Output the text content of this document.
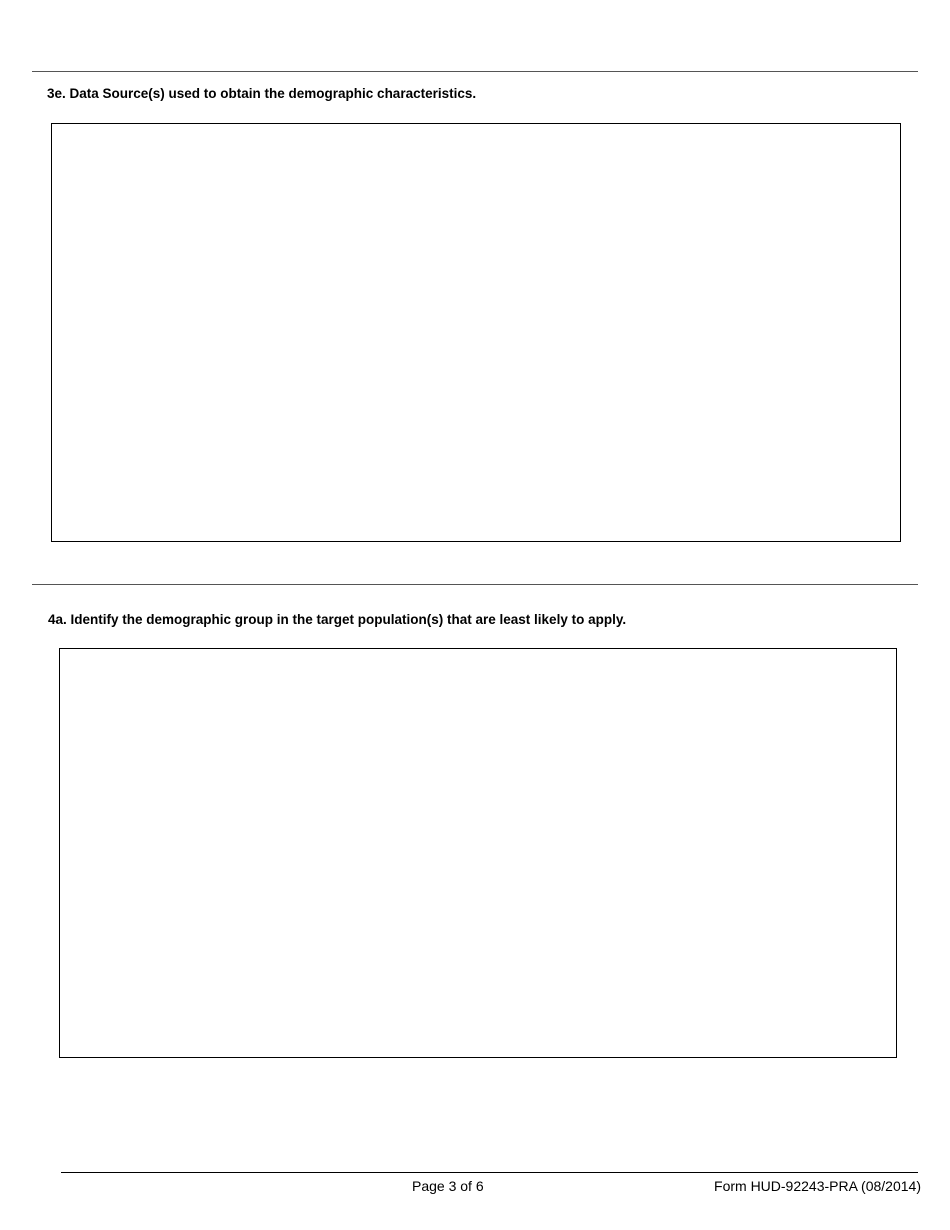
3e. Data Source(s) used to obtain the demographic characteristics.
4a. Identify the demographic group in the target population(s) that are least likely to apply.
Page 3 of 6	Form HUD-92243-PRA (08/2014)
